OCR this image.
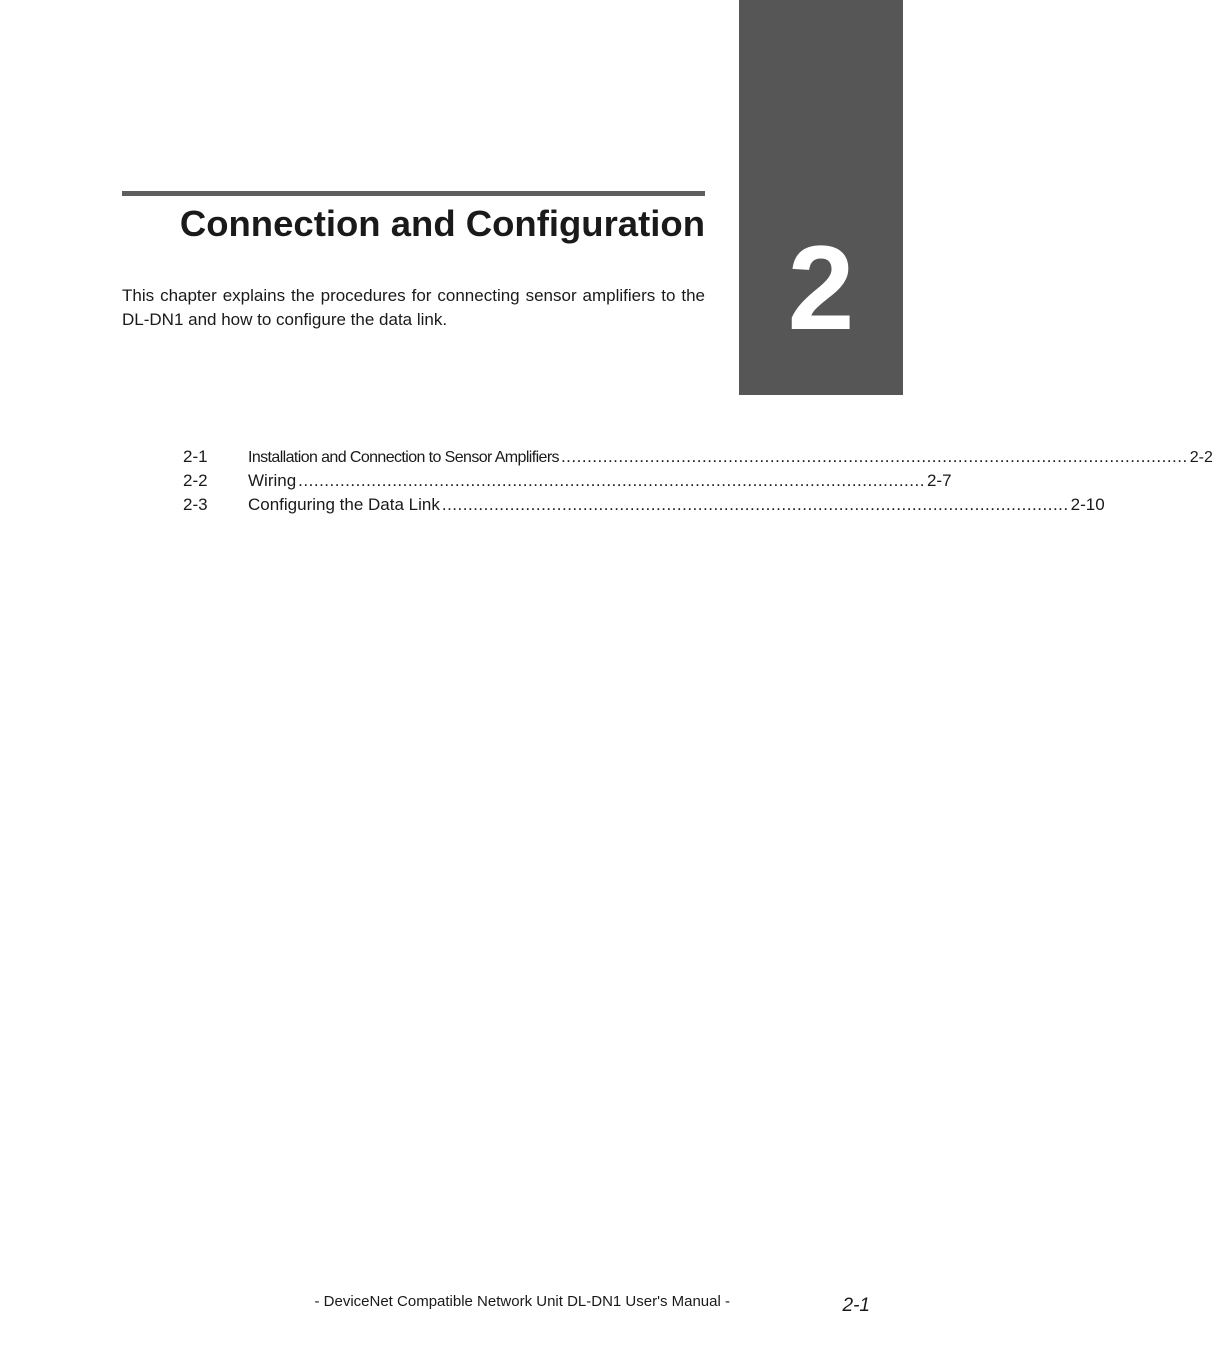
2
Connection and Configuration

This chapter explains the procedures for connecting sensor amplifiers to the DL-DN1 and how to configure the data link.

2-1	Installation and Connection to Sensor Amplifiers ........................................................................................................................ 2-2
2-2	Wiring ........................................................................................................................ 2-7
2-3	Configuring the Data Link ........................................................................................................................ 2-10
- DeviceNet Compatible Network Unit DL-DN1 User's Manual -	2-1
